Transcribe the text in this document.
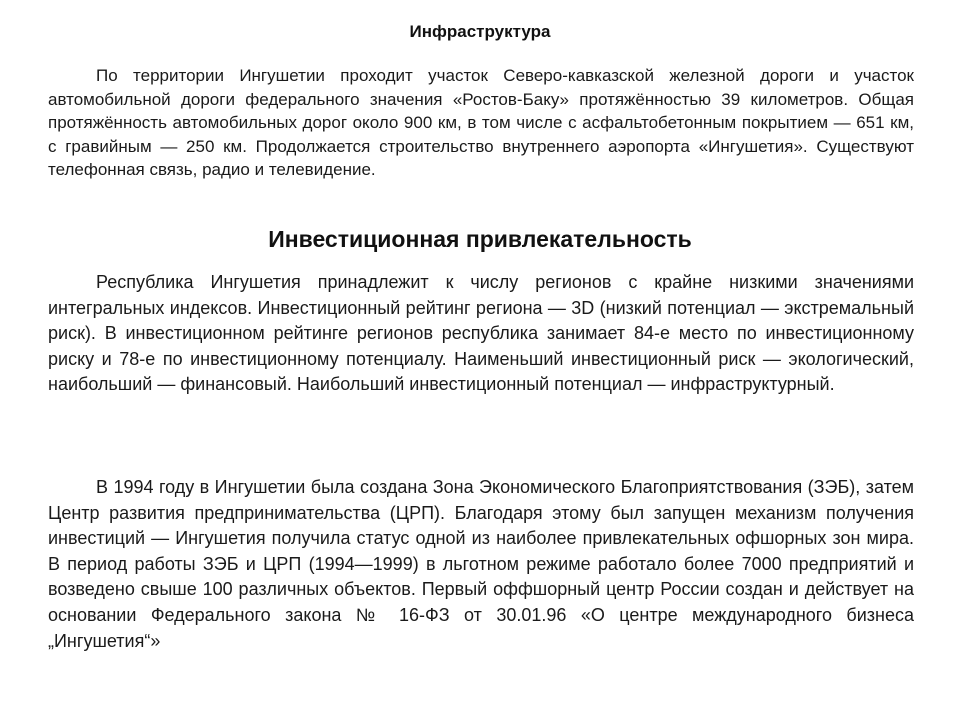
Инфраструктура

По территории Ингушетии проходит участок Северо-кавказской железной дороги и участок автомобильной дороги федерального значения «Ростов-Баку» протяжённостью 39 километров. Общая протяжённость автомобильных дорог около 900 км, в том числе с асфальтобетонным покрытием — 651 км, с гравийным — 250 км. Продолжается строительство внутреннего аэропорта «Ингушетия». Существуют телефонная связь, радио и телевидение.

Инвестиционная привлекательность

Республика Ингушетия принадлежит к числу регионов с крайне низкими значениями интегральных индексов. Инвестиционный рейтинг региона — 3D (низкий потенциал — экстремальный риск). В инвестиционном рейтинге регионов республика занимает 84-е место по инвестиционному риску и 78-е по инвестиционному потенциалу. Наименьший инвестиционный риск — экологический, наибольший — финансовый. Наибольший инвестиционный потенциал — инфраструктурный.

В 1994 году в Ингушетии была создана Зона Экономического Благоприятствования (ЗЭБ), затем Центр развития предпринимательства (ЦРП). Благодаря этому был запущен механизм получения инвестиций — Ингушетия получила статус одной из наиболее привлекательных офшорных зон мира. В период работы ЗЭБ и ЦРП (1994—1999) в льготном режиме работало более 7000 предприятий и возведено свыше 100 различных объектов. Первый оффшорный центр России создан и действует на основании Федерального закона № 16-ФЗ от 30.01.96 «О центре международного бизнеса „Ингушетия“»
